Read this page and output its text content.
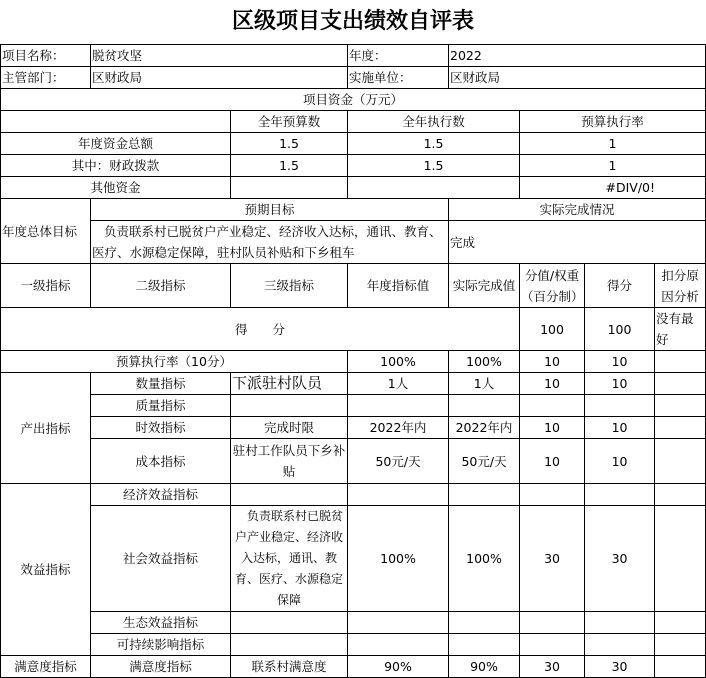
区级项目支出绩效自评表
项目名称：	脱贫攻坚		年度：	2022			
主管部门：	区财政局		实施单位：	区财政局			
项目资金（万元）							
		全年预算数	全年执行数		预算执行率		
年度资金总额		1.5	1.5		1		
其中：财政拨款		1.5	1.5		1		
其他资金					#DIV/0!		
年度总体目标	预期目标			实际完成情况			
	负责联系村已脱贫户产业稳定、经济收入达标，通讯、教育、医疗、水源稳定保障，驻村队员补贴和下乡租车			完成			
一级指标	二级指标	三级指标	年度指标值	实际完成值	分值/权重（百分制）	得分	扣分原因分析
得　　分					100	100	没有最好
预算执行率（10分）			100%	100%	10	10	
产出指标	数量指标	下派驻村队员	1人	1人	10	10	
	质量指标						
	时效指标	完成时限	2022年内	2022年内	10	10	
	成本指标	驻村工作队员下乡补贴	50元/天	50元/天	10	10	
效益指标	经济效益指标						
	社会效益指标	负责联系村已脱贫户产业稳定、经济收入达标，通讯、教育、医疗、水源稳定保障	100%	100%	30	30	
	生态效益指标						
	可持续影响指标						
满意度指标	满意度指标	联系村满意度	90%	90%	30	30	
